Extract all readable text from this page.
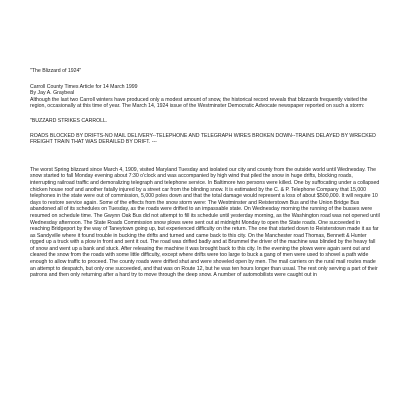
"The Blizzard of 1924"

Carroll County Times Article for 14 March 1999

By Jay A. Graybeal

Although the last two Carroll winters have produced only a modest amount of snow, the historical record reveals that blizzards frequently visited the region, occasionally at this time of year. The March 14, 1924 issue of the Westminster Democratic Advocate newspaper reported on such a storm:

"BUZZARD STRIKES CARROLL.

ROADS BLOCKED BY DRIFTS-NO MAIL DELIVERY--TELEPHONE AND TELEGRAPH WIRES BROKEN DOWN--TRAINS DELAYED BY WRECKED FREIGHT TRAIN THAT WAS DERAILED BY DRIFT. ---

The worst Spring blizzard since March 4, 1909, visited Maryland Tuesday and isolated our city and county from the outside world until Wednesday. The snow started to fall Monday evening about 7:30 o'clock and was accompanied by high wind that piled the snow in huge drifts, blocking roads, interrupting railroad traffic and demoralizing telegraph and telephone service. In Baltimore two persons were killed. One by suffocating under a collapsed chicken house roof and another fatally injured by a street car from the blinding snow. It is estimated by the C. & P. Telephone Company that 15,000 telephones in the state were out of commission, 5,000 poles down and that the total damage would represent a loss of about $500,000. It will require 10 days to restore service again. Some of the effects from the snow storm were: The Westminster and Reisterstown Bus and the Union Bridge Bus abandoned all of its schedules on Tuesday, as the roads were drifted to an impassable state. On Wednesday morning the running of the busses were resumed on schedule time. The Gwynn Oak Bus did not attempt to fill its schedule until yesterday morning, as the Washington road was not opened until Wednesday afternoon. The State Roads Commission snow plows were sent out at midnight Monday to open the State roads. One succeeded in reaching Bridgeport by the way of Taneytown going up, but experienced difficulty on the return. The one that started down to Reisterstown made it as far as Sandyville where it found trouble in bucking the drifts and turned and came back to this city. On the Manchester road Thomas, Bennett & Hunter rigged up a truck with a plow in front and sent it out. The road was drifted badly and at Brummel the driver of the machine was blinded by the heavy fall of snow and went up a bank and stuck. After releasing the machine it was brought back to this city. In the evening the plows were again sent out and cleared the snow from the roads with some little difficulty, except where drifts were too large to buck a gang of men were used to shovel a path wide enough to allow traffic to proceed. The county roads were drifted shut and were shoveled open by men. The mail carriers on the rural mail routes made an attempt to despatch, but only one succeeded, and that was on Route 12, but he was ten hours longer than usual. The rest only serving a part of their patrons and then only returning after a hard try to move through the deep snow. A number of automobilists were caught out in
